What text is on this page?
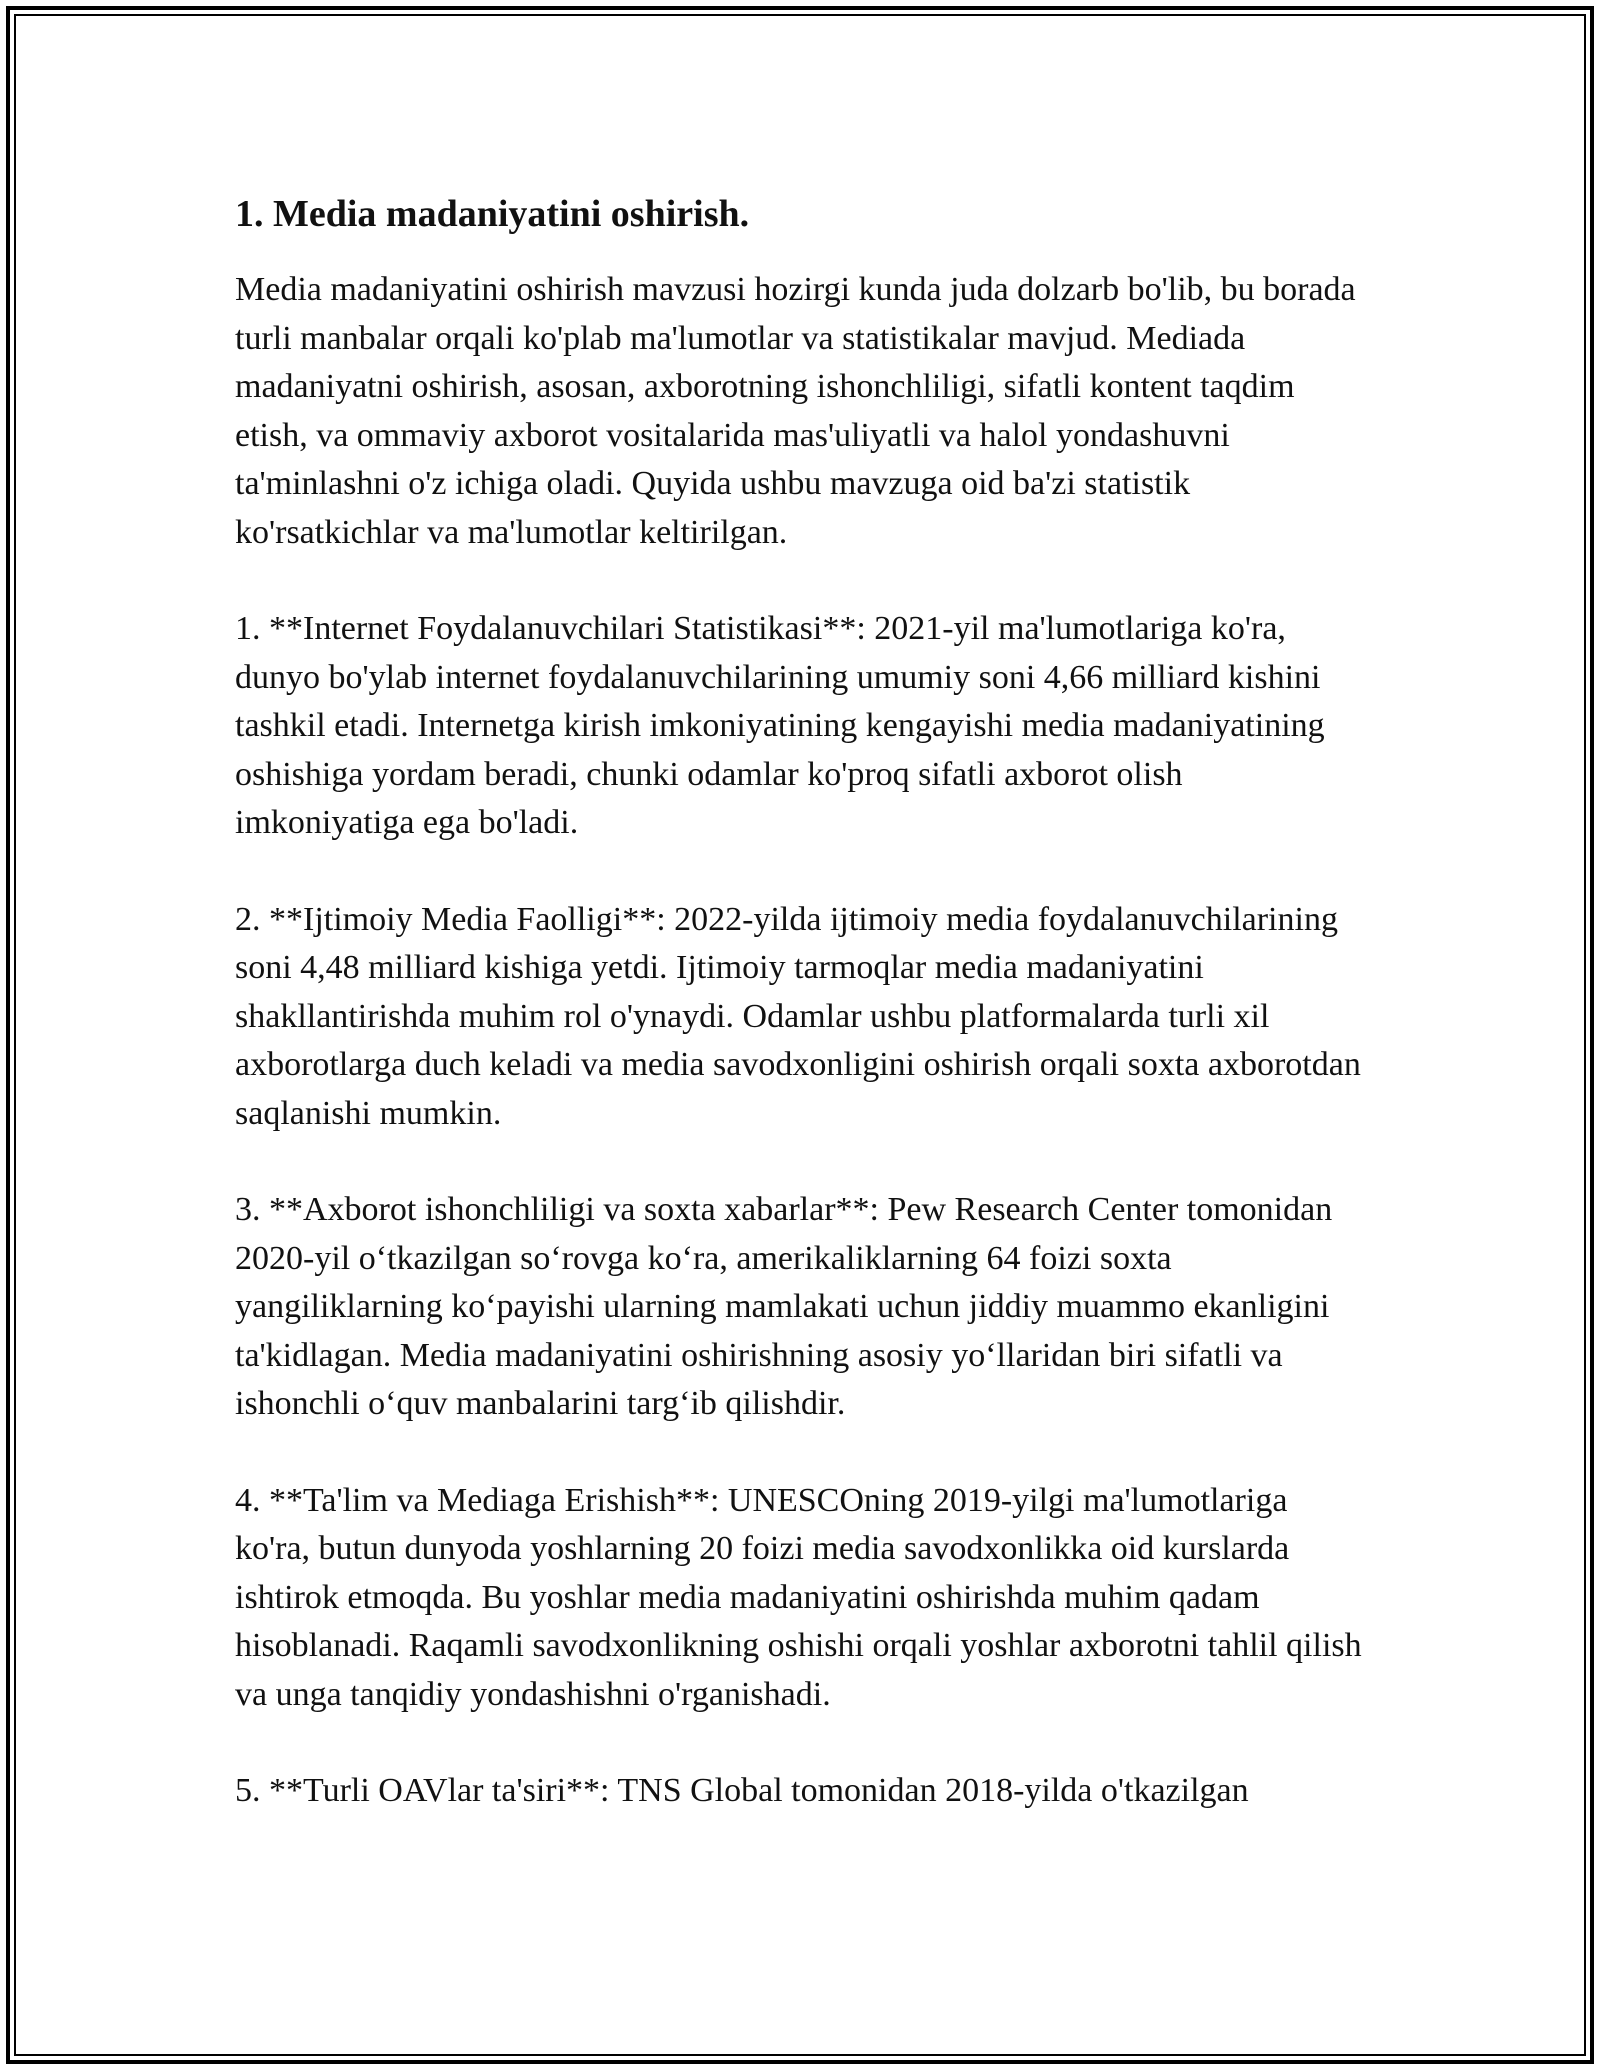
1. Media madaniyatini oshirish.

Media madaniyatini oshirish mavzusi hozirgi kunda juda dolzarb bo'lib, bu borada turli manbalar orqali ko'plab ma'lumotlar va statistikalar mavjud. Mediada madaniyatni oshirish, asosan, axborotning ishonchliligi, sifatli kontent taqdim etish, va ommaviy axborot vositalarida mas'uliyatli va halol yondashuvni ta'minlashni o'z ichiga oladi. Quyida ushbu mavzuga oid ba'zi statistik ko'rsatkichlar va ma'lumotlar keltirilgan.

1. **Internet Foydalanuvchilari Statistikasi**: 2021-yil ma'lumotlariga ko'ra, dunyo bo'ylab internet foydalanuvchilarining umumiy soni 4,66 milliard kishini tashkil etadi. Internetga kirish imkoniyatining kengayishi media madaniyatining oshishiga yordam beradi, chunki odamlar ko'proq sifatli axborot olish imkoniyatiga ega bo'ladi.

2. **Ijtimoiy Media Faolligi**: 2022-yilda ijtimoiy media foydalanuvchilarining soni 4,48 milliard kishiga yetdi. Ijtimoiy tarmoqlar media madaniyatini shakllantirishda muhim rol o'ynaydi. Odamlar ushbu platformalarda turli xil axborotlarga duch keladi va media savodxonligini oshirish orqali soxta axborotdan saqlanishi mumkin.

3. **Axborot ishonchliligi va soxta xabarlar**: Pew Research Center tomonidan 2020-yil o‘tkazilgan so‘rovga ko‘ra, amerikaliklarning 64 foizi soxta yangiliklarning ko‘payishi ularning mamlakati uchun jiddiy muammo ekanligini ta'kidlagan. Media madaniyatini oshirishning asosiy yo‘llaridan biri sifatli va ishonchli o‘quv manbalarini targ‘ib qilishdir.

4. **Ta'lim va Mediaga Erishish**: UNESCOning 2019-yilgi ma'lumotlariga ko'ra, butun dunyoda yoshlarning 20 foizi media savodxonlikka oid kurslarda ishtirok etmoqda. Bu yoshlar media madaniyatini oshirishda muhim qadam hisoblanadi. Raqamli savodxonlikning oshishi orqali yoshlar axborotni tahlil qilish va unga tanqidiy yondashishni o'rganishadi.

5. **Turli OAVlar ta'siri**: TNS Global tomonidan 2018-yilda o'tkazilgan
